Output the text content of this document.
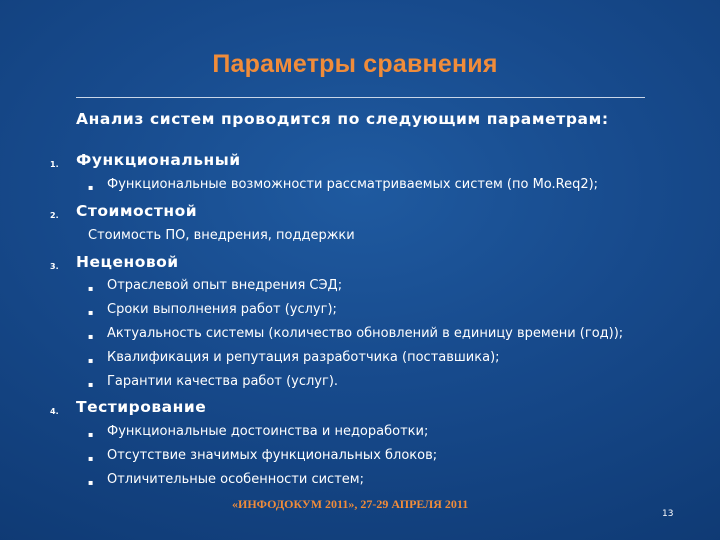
Параметры сравнения
Анализ систем проводится по следующим параметрам:
1. Функциональный
▪ Функциональные возможности рассматриваемых систем (по Mo.Req2);
2. Стоимостной
Стоимость ПО, внедрения, поддержки
3. Неценовой
▪ Отраслевой опыт внедрения СЭД;
▪ Сроки выполнения работ (услуг);
▪ Актуальность системы (количество обновлений в единицу времени (год));
▪ Квалификация и репутация разработчика (поставшика);
▪ Гарантии качества работ (услуг).
4. Тестирование
▪ Функциональные достоинства и недоработки;
▪ Отсутствие значимых функциональных блоков;
▪ Отличительные особенности систем;
«ИНФОДОКУМ 2011», 27-29 АПРЕЛЯ 2011
13
